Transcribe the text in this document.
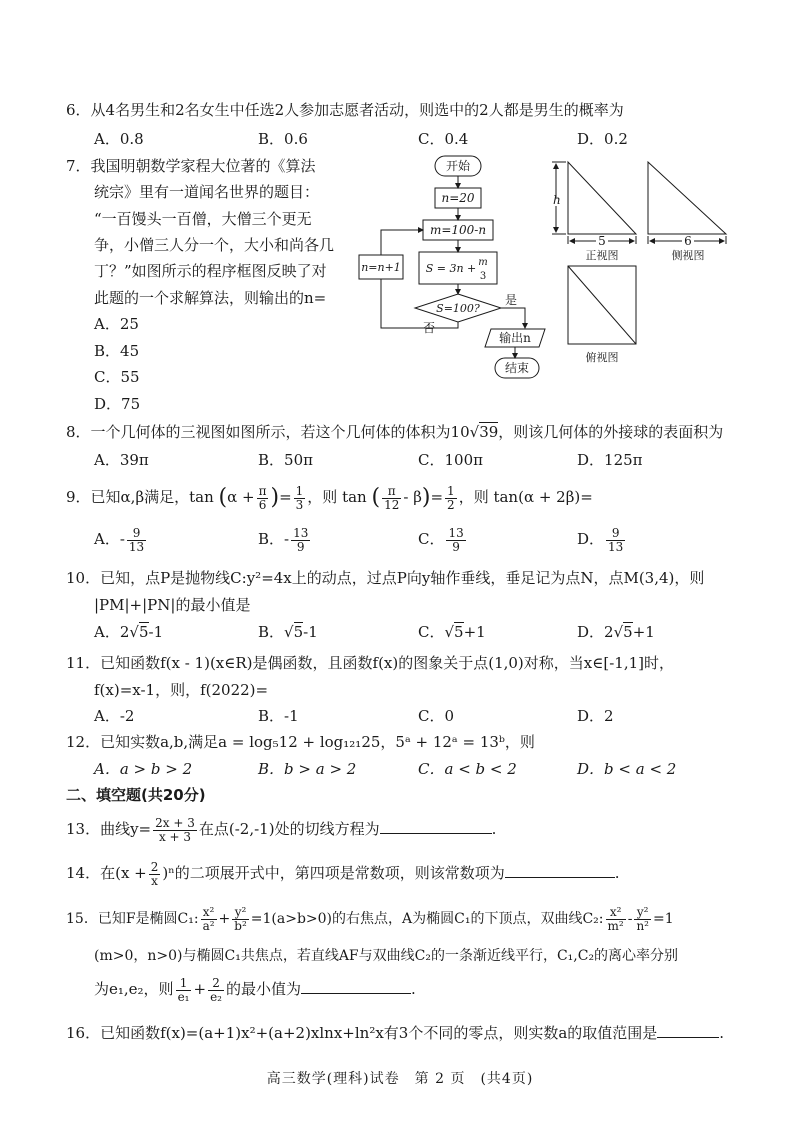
6．从4名男生和2名女生中任选2人参加志愿者活动，则选中的2人都是男生的概率为
A．0.8	B．0.6	C．0.4	D．0.2
7．我国明朝数学家程大位著的《算法
统宗》里有一道闻名世界的题目：
“一百馒头一百僧，大僧三个更无
争，小僧三人分一个，大小和尚各几
丁？”如图所示的程序框图反映了对
此题的一个求解算法，则输出的n=
A．25
B．45
C．55
D．75
开始
n=20
m=100-n
S = 3n + m
3
S=100?
是
否
输出n
结束
n=n+1
h
5	6
正视图	侧视图
俯视图
8．一个几何体的三视图如图所示，若这个几何体的体积为10√39，则该几何体的外接球的表面积为
A．39π	B．50π	C．100π	D．125π
9．已知α,β满足，$\tan (\alpha + \frac{\pi}{6}$ )= $\frac{1}{3}$ ，则 tan ( $\frac{\pi}{12} - \beta)= \frac{1}{2}$ ，则 tan(α + 2β)=
A．- $\frac{9}{13}$	B．- $\frac{13}{9}$	C． $\frac{13}{9}$	D． $\frac{9}{13}$
10．已知，点P是抛物线C:y²=4x上的动点，过点P向y轴作垂线，垂足记为点N，点M(3,4)，则
|PM|+|PN|的最小值是
A．2√5-1	B．√5-1	C．√5+1	D．2√5+1
11．已知函数f(x - 1)(x∈R)是偶函数，且函数f(x)的图象关于点(1,0)对称，当x∈[-1,1]时，
f(x)=x-1，则，f(2022)=
A．-2	B．-1	C．0	D．2
12．已知实数a,b,满足a = log₅12 + log₁₂₁25，5ᵃ + 12ᵃ = 13ᵇ，则
A．a > b > 2	B．b > a > 2	C．a < b < 2	D．b < a < 2
二、填空题(共20分)
13．曲线$y= \frac{2x + 3}{x + 3}$ 在点(-2,-1)处的切线方程为	.
14．在$(x + \frac{2}{x} )^n$的二项展开式中，第四项是常数项，则该常数项为	.
15．已知F是椭圆C₁: $\frac{\text{x²}}{\text{a²}} + \frac{\text{y²}}{\text{b²}} =1(a>b>0)$的右焦点，A为椭圆C₁的下顶点，双曲线C₂: $\frac{\text{x²}}{\text{m²}} - \frac{\text{y²}}{\text{n²}} =1$
(m>0，n>0)与椭圆C₁共焦点，若直线AF与双曲线C₂的一条渐近线平行，C₁,C₂的离心率分别
为e₁,e₂，则 $\frac{1}{\text{e₁}} + \frac{2}{\text{e₂}}$ 的最小值为	.
16．已知函数f(x)=(a+1)x²+(a+2)xlnx+ln²x有3个不同的零点，则实数a的取值范围是	.
高三数学(理科)试卷　第 2 页　(共4页)
